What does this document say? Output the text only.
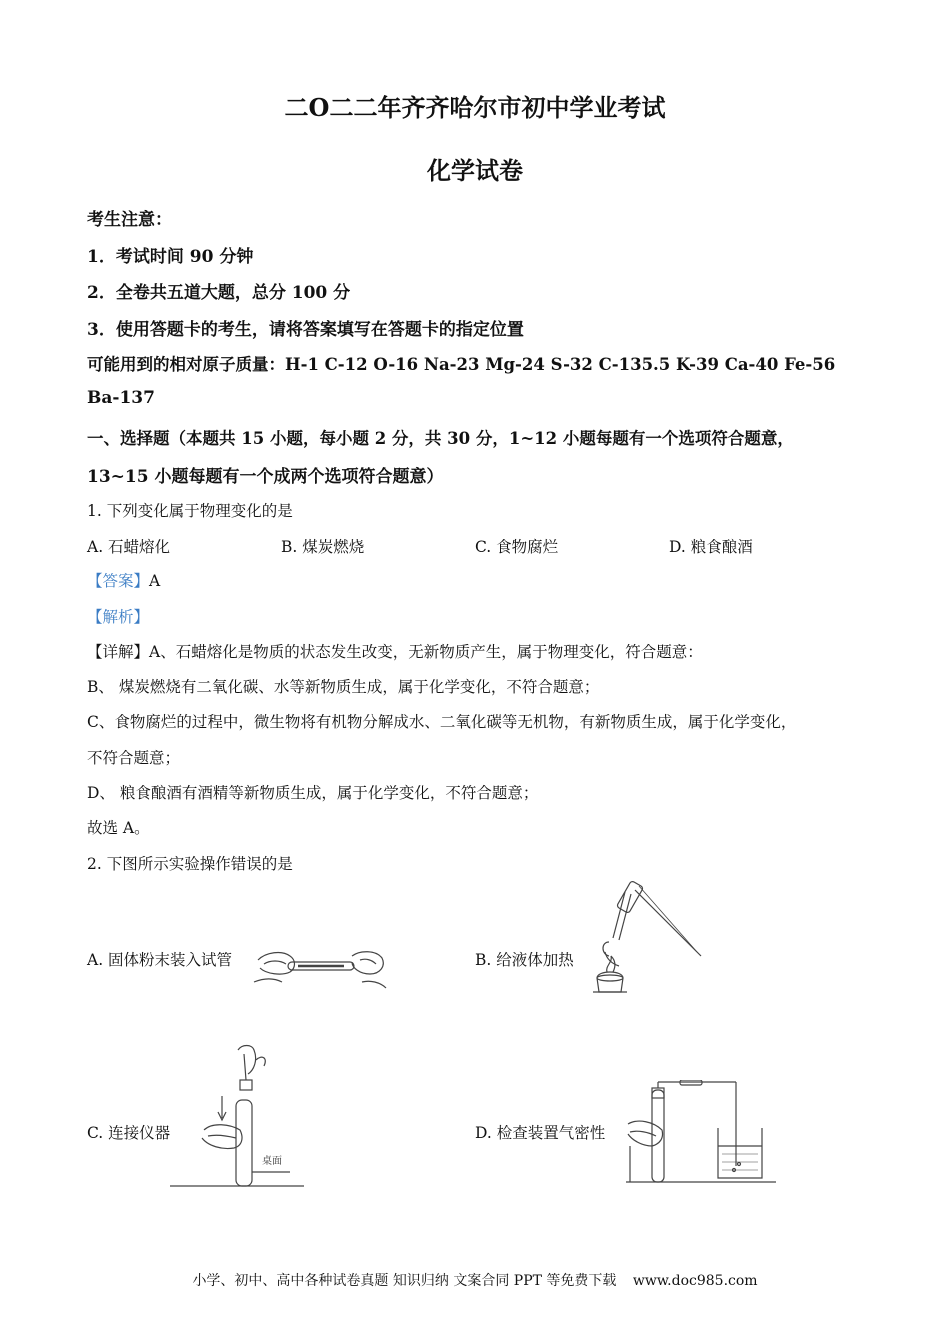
二O二二年齐齐哈尔市初中学业考试
化学试卷
考生注意：
1．考试时间 90 分钟
2．全卷共五道大题，总分 100 分
3．使用答题卡的考生，请将答案填写在答题卡的指定位置
可能用到的相对原子质量：H-1 C-12 O-16 Na-23 Mg-24 S-32 C-135.5 K-39 Ca-40 Fe-56
Ba-137
一、选择题（本题共 15 小题，每小题 2 分，共 30 分，1~12 小题每题有一个选项符合题意，
13~15 小题每题有一个成两个选项符合题意）
1. 下列变化属于物理变化的是
A. 石蜡熔化	B. 煤炭燃烧	C. 食物腐烂	D. 粮食酿酒
【答案】A
【解析】
【详解】A、石蜡熔化是物质的状态发生改变，无新物质产生，属于物理变化，符合题意：
B、 煤炭燃烧有二氧化碳、水等新物质生成，属于化学变化，不符合题意；
C、食物腐烂的过程中，微生物将有机物分解成水、二氧化碳等无机物，有新物质生成，属于化学变化，
不符合题意；
D、 粮食酿酒有酒精等新物质生成，属于化学变化，不符合题意；
故选 A。
2. 下图所示实验操作错误的是
A. 固体粉末装入试管	B. 给液体加热
C. 连接仪器	D. 检查装置气密性
桌面
小学、初中、高中各种试卷真题 知识归纳 文案合同 PPT 等免费下载 www.doc985.com
